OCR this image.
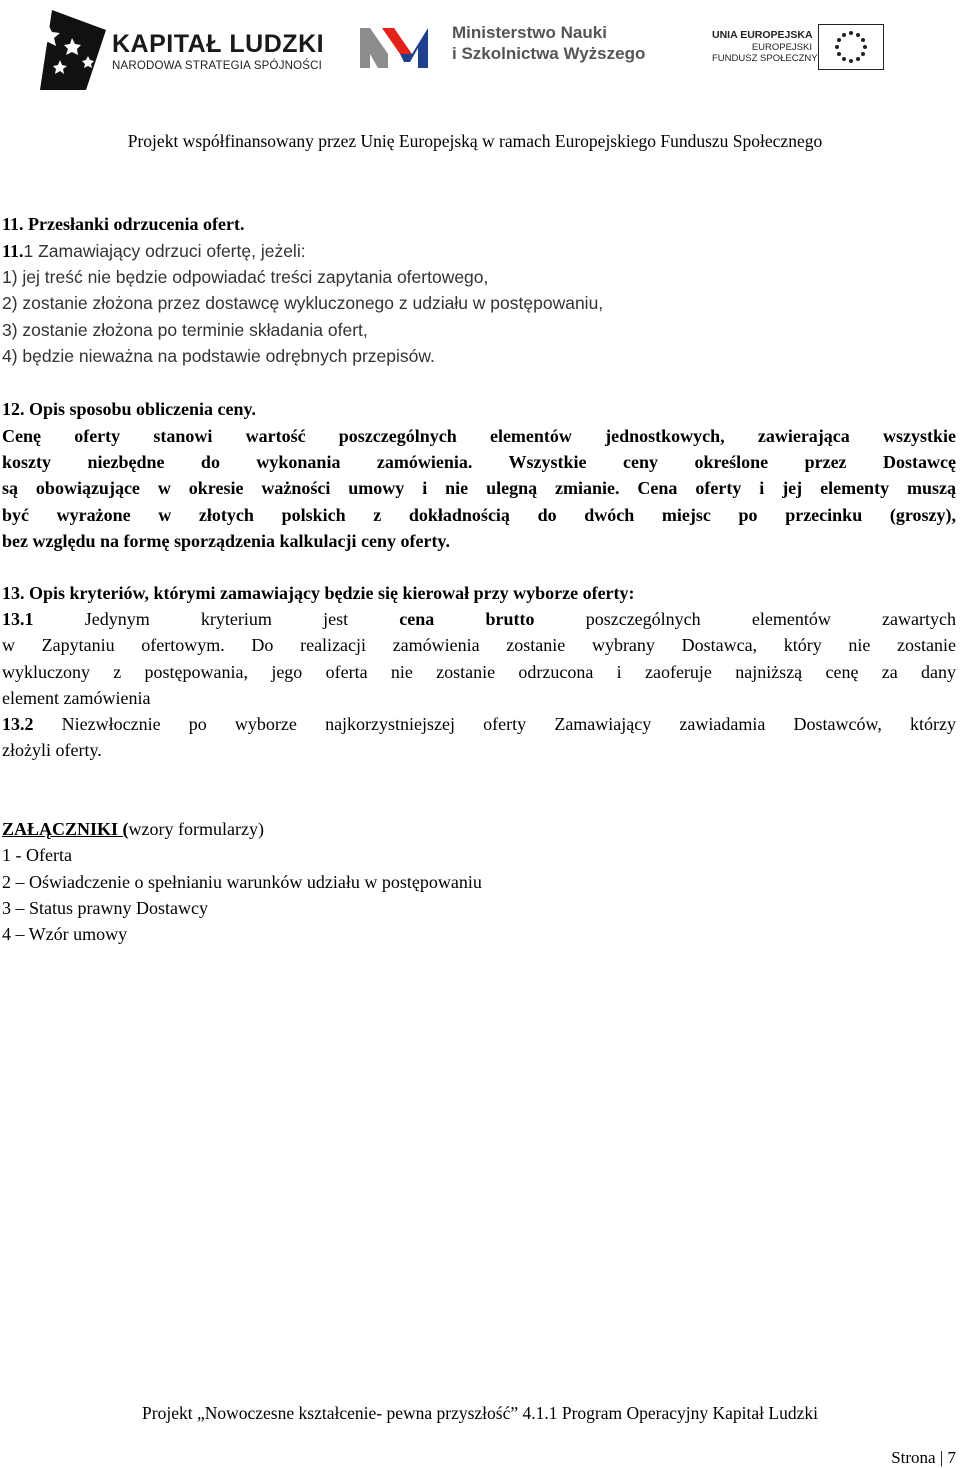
KAPITAŁ LUDZKI
NARODOWA STRATEGIA SPÓJNOŚCI
Ministerstwo Nauki
i Szkolnictwa Wyższego
UNIA EUROPEJSKA
EUROPEJSKI
FUNDUSZ SPOŁECZNY
Projekt współfinansowany przez Unię Europejską w ramach Europejskiego Funduszu Społecznego
11. Przesłanki odrzucenia ofert.
11.1 Zamawiający odrzuci ofertę, jeżeli:
1) jej treść nie będzie odpowiadać treści zapytania ofertowego,
2) zostanie złożona przez dostawcę wykluczonego z udziału w postępowaniu,
3) zostanie złożona po terminie składania ofert,
4) będzie nieważna na podstawie odrębnych przepisów.
12. Opis sposobu obliczenia ceny.
Cenę oferty stanowi wartość poszczególnych elementów jednostkowych, zawierająca wszystkie
koszty niezbędne do wykonania zamówienia. Wszystkie ceny określone przez Dostawcę
są obowiązujące w okresie ważności umowy i nie ulegną zmianie. Cena oferty i jej elementy muszą
być wyrażone w złotych polskich z dokładnością do dwóch miejsc po przecinku (groszy),
bez względu na formę sporządzenia kalkulacji ceny oferty.
13. Opis kryteriów, którymi zamawiający będzie się kierował przy wyborze oferty:
13.1 Jedynym kryterium jest cena brutto poszczególnych elementów zawartych
w Zapytaniu ofertowym. Do realizacji zamówienia zostanie wybrany Dostawca, który nie zostanie
wykluczony z postępowania, jego oferta nie zostanie odrzucona i zaoferuje najniższą cenę za dany
element zamówienia
13.2 Niezwłocznie po wyborze najkorzystniejszej oferty Zamawiający zawiadamia Dostawców, którzy
złożyli oferty.
ZAŁĄCZNIKI (wzory formularzy)
1 - Oferta
2 – Oświadczenie o spełnianiu warunków udziału w postępowaniu
3 – Status prawny Dostawcy
4 – Wzór umowy
Projekt „Nowoczesne kształcenie- pewna przyszłość” 4.1.1 Program Operacyjny Kapitał Ludzki
Strona | 7
